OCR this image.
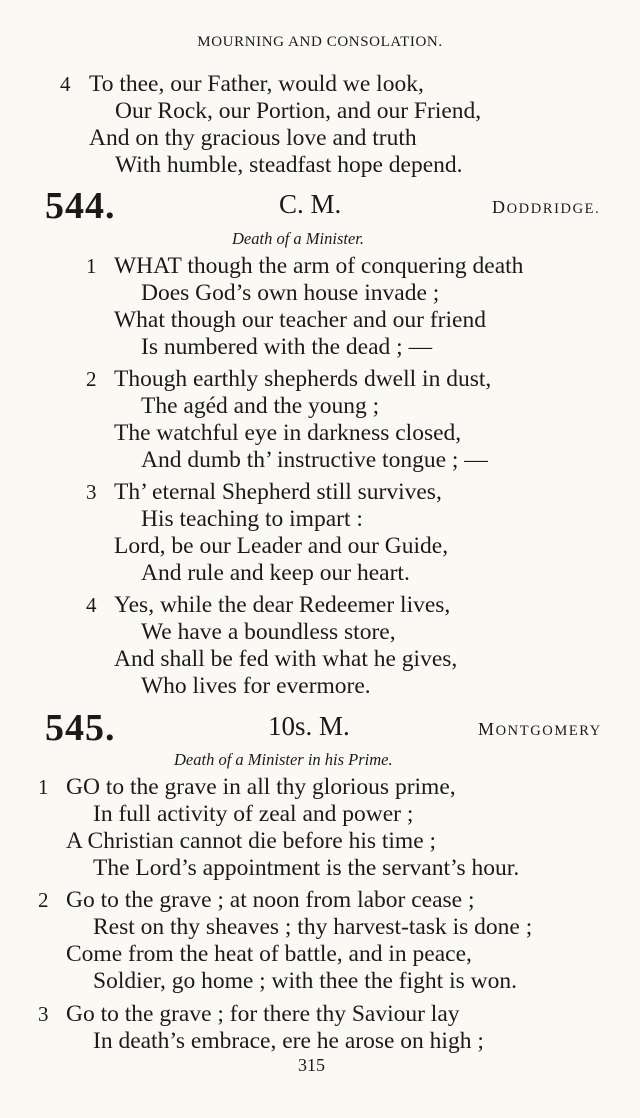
MOURNING AND CONSOLATION.
4 To thee, our Father, would we look,
Our Rock, our Portion, and our Friend,
And on thy gracious love and truth
With humble, steadfast hope depend.
544.	C. M.	DODDRIDGE.
Death of a Minister.
1 WHAT though the arm of conquering death
Does God’s own house invade ;
What though our teacher and our friend
Is numbered with the dead ; —
2 Though earthly shepherds dwell in dust,
The agéd and the young ;
The watchful eye in darkness closed,
And dumb th’ instructive tongue ; —
3 Th’ eternal Shepherd still survives,
His teaching to impart :
Lord, be our Leader and our Guide,
And rule and keep our heart.
4 Yes, while the dear Redeemer lives,
We have a boundless store,
And shall be fed with what he gives,
Who lives for evermore.
545.	10s. M.	MONTGOMERY
Death of a Minister in his Prime.
1 GO to the grave in all thy glorious prime,
In full activity of zeal and power ;
A Christian cannot die before his time ;
The Lord’s appointment is the servant’s hour.
2 Go to the grave ; at noon from labor cease ;
Rest on thy sheaves ; thy harvest-task is done ;
Come from the heat of battle, and in peace,
Soldier, go home ; with thee the fight is won.
3 Go to the grave ; for there thy Saviour lay
In death’s embrace, ere he arose on high ;
315
